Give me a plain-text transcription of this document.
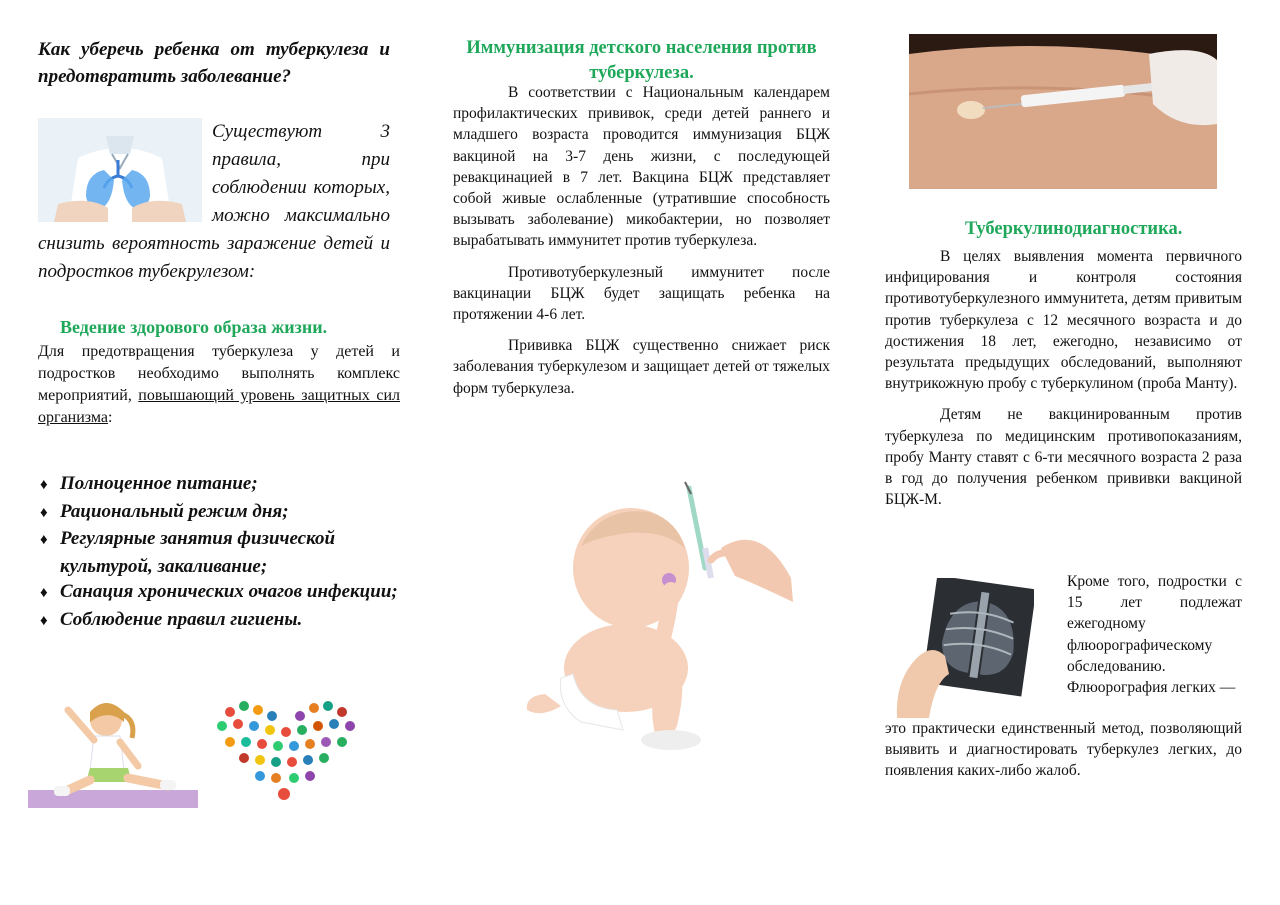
Как уберечь ребенка от туберкулеза и предотвратить заболевание?
Существуют 3 правила, при соблюдении которых, можно максимально снизить вероятность заражение детей и подростков тубекрулезом:
Ведение здорового образа жизни.
Для предотвращения туберкулеза у детей и подростков необходимо выполнять комплекс мероприятий, повышающий уровень защитных сил организма:
♦ Полноценное питание;
♦ Рациональный режим дня;
♦ Регулярные занятия физической культурой, закаливание;
♦ Санация хронических очагов инфекции;
♦ Соблюдение правил гигиены.
Иммунизация детского населения против туберкулеза.

В соответствии с Национальным календарем профилактических прививок, среди детей раннего и младшего возраста проводится иммунизация БЦЖ вакциной на 3-7 день жизни, с последующей ревакцинацией в 7 лет. Вакцина БЦЖ представляет собой живые ослабленные (утратившие способность вызывать заболевание) микобактерии, но позволяет вырабатывать иммунитет против туберкулеза.

Противотуберкулезный иммунитет после вакцинации БЦЖ будет защищать ребенка на протяжении 4-6 лет.

Прививка БЦЖ существенно снижает риск заболевания туберкулезом и защищает детей от тяжелых форм туберкулеза.

Туберкулинодиагностика.

В целях выявления момента первичного инфицирования и контроля состояния противотуберкулезного иммунитета, детям привитым против туберкулеза с 12 месячного возраста и до достижения 18 лет, ежегодно, независимо от результата предыдущих обследований, выполняют внутрикожную пробу с туберкулином (проба Манту).

Детям не вакцинированным против туберкулеза по медицинским противопоказаниям, пробу Манту ставят с 6-ти месячного возраста 2 раза в год до получения ребенком прививки вакциной БЦЖ-М.

Кроме того, подростки с 15 лет подлежат ежегодному флюорографическому обследованию. Флюорография легких —
это практически единственный метод, позволяющий выявить и диагностировать туберкулез легких, до появления каких-либо жалоб.
